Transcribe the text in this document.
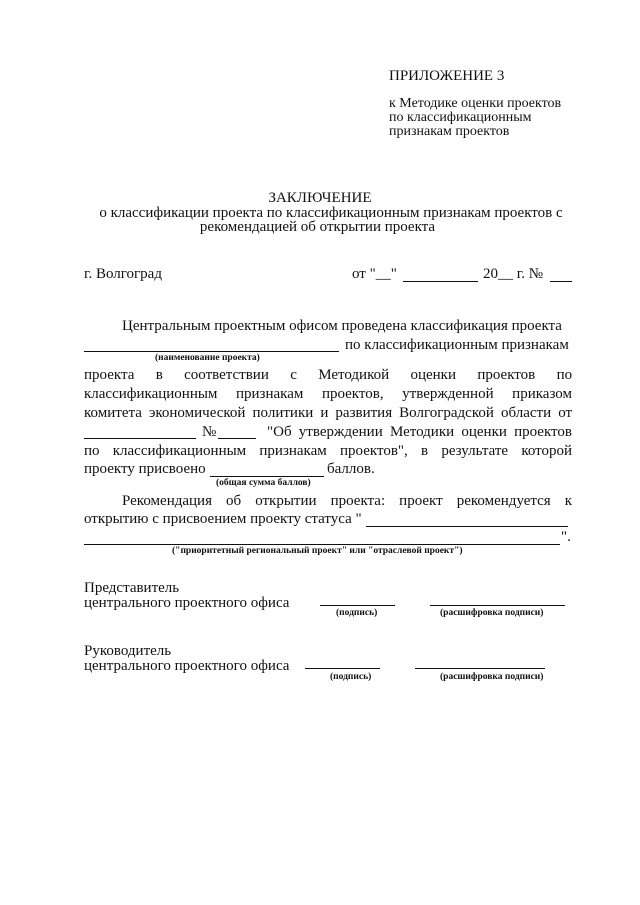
ПРИЛОЖЕНИЕ 3
к Методике оценки проектов
по классификационным
признакам проектов
ЗАКЛЮЧЕНИЕ
о классификации проекта по классификационным признакам проектов с
рекомендацией об открытии проекта
г. Волгоград	от "__"	20__ г. №
Центральным проектным офисом проведена классификация проекта
по классификационным признакам
(наименование проекта)
проекта в соответствии с Методикой оценки проектов по
классификационным признакам проектов, утвержденной приказом
комитета экономической политики и развития Волгоградской области от
№	"Об утверждении Методики оценки проектов
по классификационным признакам проектов", в результате которой
проекту присвоено	баллов.
(общая сумма баллов)
Рекомендация об открытии проекта: проект рекомендуется к
открытию с присвоением проекту статуса "
".
("приоритетный региональный проект" или "отраслевой проект")
Представитель
центрального проектного офиса
(подпись)	(расшифровка подписи)
Руководитель
центрального проектного офиса
(подпись)	(расшифровка подписи)
